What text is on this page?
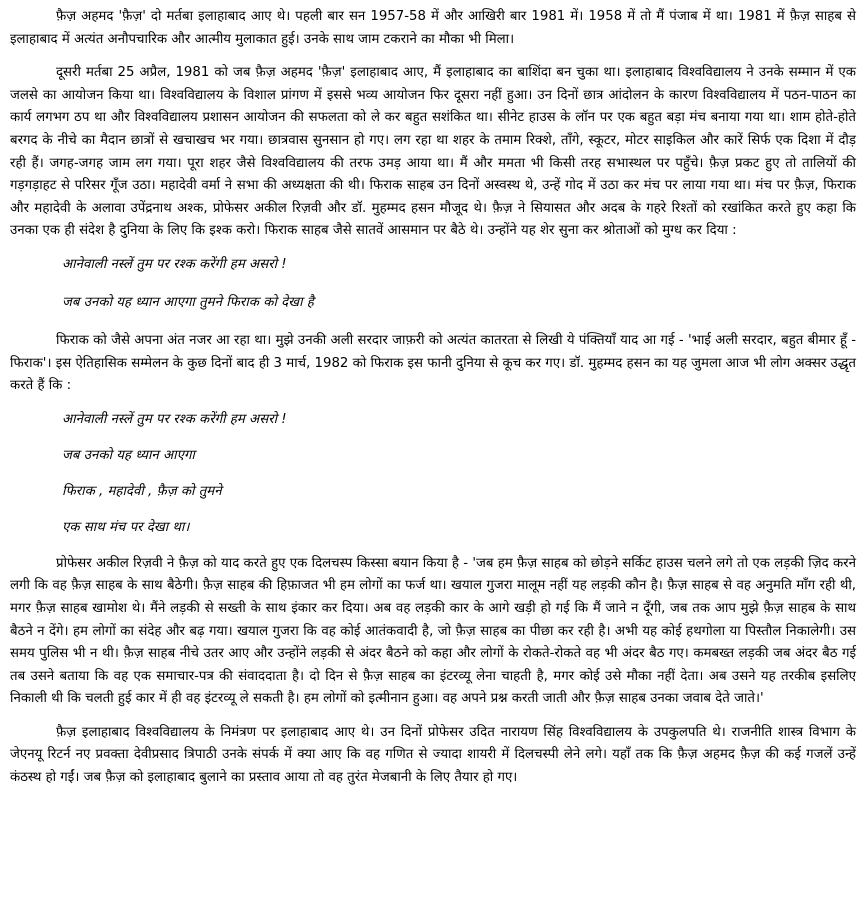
फ़ैज़ अहमद 'फ़ैज़' दो मर्तबा इलाहाबाद आए थे। पहली बार सन 1957-58 में और आखिरी बार 1981 में। 1958 में तो मैं पंजाब में था। 1981 में फ़ैज़ साहब से इलाहाबाद में अत्यंत अनौपचारिक और आत्मीय मुलाकात हुई। उनके साथ जाम टकराने का मौका भी मिला।

दूसरी मर्तबा 25 अप्रैल, 1981 को जब फ़ैज़ अहमद 'फ़ैज़' इलाहाबाद आए, मैं इलाहाबाद का बाशिंदा बन चुका था। इलाहाबाद विश्वविद्यालय ने उनके सम्मान में एक जलसे का आयोजन किया था। विश्वविद्यालय के विशाल प्रांगण में इससे भव्य आयोजन फिर दूसरा नहीं हुआ। उन दिनों छात्र आंदोलन के कारण विश्वविद्यालय में पठन-पाठन का कार्य लगभग ठप था और विश्वविद्यालय प्रशासन आयोजन की सफलता को ले कर बहुत सशंकित था। सीनेट हाउस के लॉन पर एक बहुत बड़ा मंच बनाया गया था। शाम होते-होते बरगद के नीचे का मैदान छात्रों से खचाखच भर गया। छात्रवास सुनसान हो गए। लग रहा था शहर के तमाम रिक्शे, ताँगे, स्कूटर, मोटर साइकिल और कारें सिर्फ एक दिशा में दौड़ रही हैं। जगह-जगह जाम लग गया। पूरा शहर जैसे विश्वविद्यालय की तरफ उमड़ आया था। मैं और ममता भी किसी तरह सभास्थल पर पहुँचे। फ़ैज़ प्रकट हुए तो तालियों की गड़गड़ाहट से परिसर गूँज उठा। महादेवी वर्मा ने सभा की अध्यक्षता की थी। फिराक साहब उन दिनों अस्वस्थ थे, उन्हें गोद में उठा कर मंच पर लाया गया था। मंच पर फ़ैज़, फिराक और महादेवी के अलावा उपेंद्रनाथ अश्क, प्रोफेसर अकील रिज़वी और डॉ. मुहम्मद हसन मौजूद थे। फ़ैज़ ने सियासत और अदब के गहरे रिश्तों को रखांकित करते हुए कहा कि उनका एक ही संदेश है दुनिया के लिए कि इश्क करो। फिराक साहब जैसे सातवें आसमान पर बैठे थे। उन्होंने यह शेर सुना कर श्रोताओं को मुग्ध कर दिया :

आनेवाली नस्लें तुम पर रश्क करेंगी हम असरो !

जब उनको यह ध्यान आएगा तुमने फिराक को देखा है

फिराक को जैसे अपना अंत नजर आ रहा था। मुझे उनकी अली सरदार जाफ़री को अत्यंत कातरता से लिखी ये पंक्तियाँ याद आ गई - 'भाई अली सरदार, बहुत बीमार हूँ - फिराक'। इस ऐतिहासिक सम्मेलन के कुछ दिनों बाद ही 3 मार्च, 1982 को फिराक इस फानी दुनिया से कूच कर गए। डॉ. मुहम्मद हसन का यह जुमला आज भी लोग अक्सर उद्धृत करते हैं कि :

आनेवाली नस्लें तुम पर रश्क करेंगी हम असरो !

जब उनको यह ध्यान आएगा

फिराक , महादेवी , फ़ैज़ को तुमने

एक साथ मंच पर देखा था।

प्रोफेसर अकील रिज़वी ने फ़ैज़ को याद करते हुए एक दिलचस्प किस्सा बयान किया है - 'जब हम फ़ैज़ साहब को छोड़ने सर्किट हाउस चलने लगे तो एक लड़की ज़िद करने लगी कि वह फ़ैज़ साहब के साथ बैठेगी। फ़ैज़ साहब की हिफ़ाजत भी हम लोगों का फर्ज था। खयाल गुजरा मालूम नहीं यह लड़की कौन है। फ़ैज़ साहब से वह अनुमति माँग रही थी, मगर फ़ैज़ साहब खामोश थे। मैंने लड़की से सख्ती के साथ इंकार कर दिया। अब वह लड़की कार के आगे खड़ी हो गई कि मैं जाने न दूँगी, जब तक आप मुझे फ़ैज़ साहब के साथ बैठने न देंगे। हम लोगों का संदेह और बढ़ गया। खयाल गुजरा कि वह कोई आतंकवादी है, जो फ़ैज़ साहब का पीछा कर रही है। अभी यह कोई हथगोला या पिस्तौल निकालेगी। उस समय पुलिस भी न थी। फ़ैज़ साहब नीचे उतर आए और उन्होंने लड़की से अंदर बैठने को कहा और लोगों के रोकते-रोकते वह भी अंदर बैठ गए। कमबख्त लड़की जब अंदर बैठ गई तब उसने बताया कि वह एक समाचार-पत्र की संवाददाता है। दो दिन से फ़ैज़ साहब का इंटरव्यू लेना चाहती है, मगर कोई उसे मौका नहीं देता। अब उसने यह तरकीब इसलिए निकाली थी कि चलती हुई कार में ही वह इंटरव्यू ले सकती है। हम लोगों को इत्मीनान हुआ। वह अपने प्रश्न करती जाती और फ़ैज़ साहब उनका जवाब देते जाते।'

फ़ैज़ इलाहाबाद विश्वविद्यालय के निमंत्रण पर इलाहाबाद आए थे। उन दिनों प्रोफेसर उदित नारायण सिंह विश्वविद्यालय के उपकुलपति थे। राजनीति शास्त्र विभाग के जेएनयू रिटर्न नए प्रवक्ता देवीप्रसाद त्रिपाठी उनके संपर्क में क्या आए कि वह गणित से ज्यादा शायरी में दिलचस्पी लेने लगे। यहाँ तक कि फ़ैज़ अहमद फ़ैज़ की कई गजलें उन्हें कंठस्थ हो गईं। जब फ़ैज़ को इलाहाबाद बुलाने का प्रस्ताव आया तो वह तुरंत मेजबानी के लिए तैयार हो गए।
